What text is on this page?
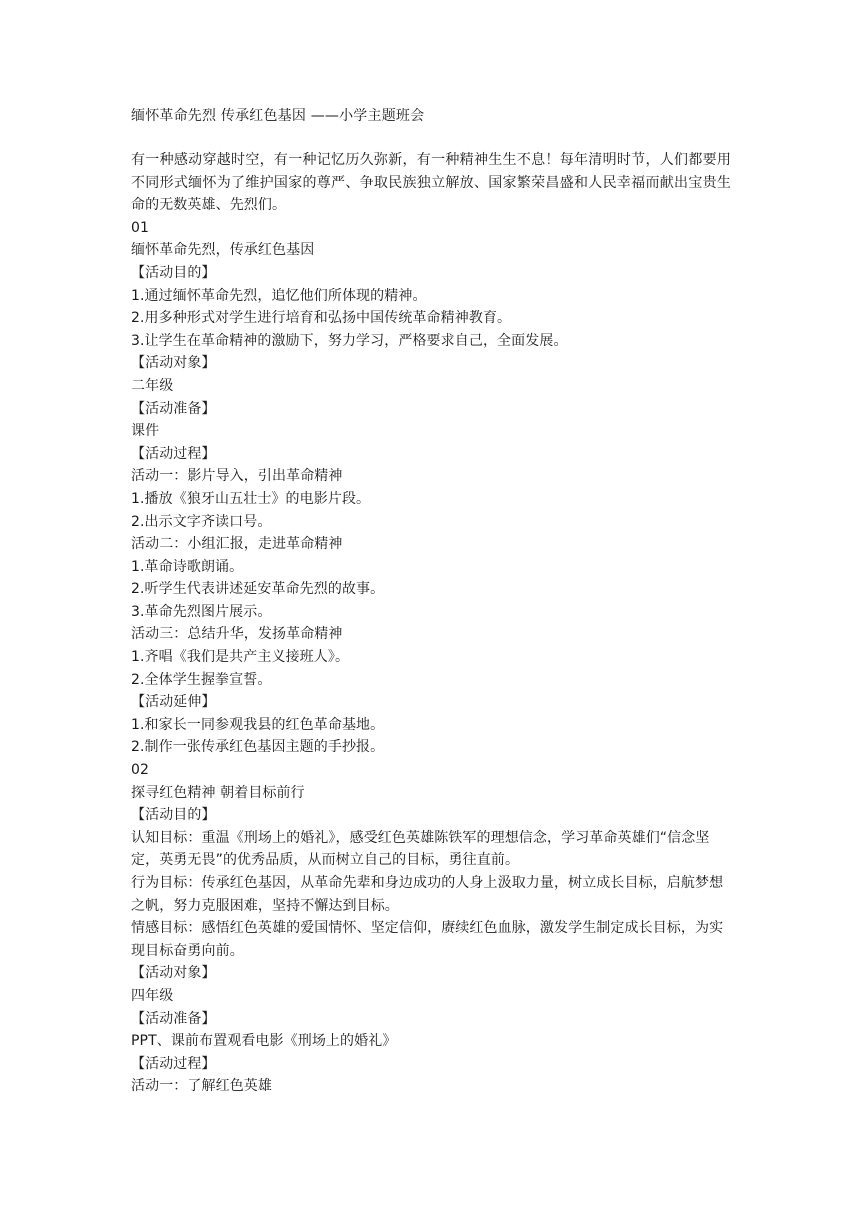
缅怀革命先烈 传承红色基因 ——小学主题班会

有一种感动穿越时空，有一种记忆历久弥新，有一种精神生生不息！每年清明时节，人们都要用不同形式缅怀为了维护国家的尊严、争取民族独立解放、国家繁荣昌盛和人民幸福而献出宝贵生命的无数英雄、先烈们。

01

缅怀革命先烈，传承红色基因

【活动目的】

1.通过缅怀革命先烈，追忆他们所体现的精神。

2.用多种形式对学生进行培育和弘扬中国传统革命精神教育。

3.让学生在革命精神的激励下，努力学习，严格要求自己，全面发展。

【活动对象】

二年级

【活动准备】

课件

【活动过程】

活动一：影片导入，引出革命精神

1.播放《狼牙山五壮士》的电影片段。

2.出示文字齐读口号。

活动二：小组汇报，走进革命精神

1.革命诗歌朗诵。

2.听学生代表讲述延安革命先烈的故事。

3.革命先烈图片展示。

活动三：总结升华，发扬革命精神

1.齐唱《我们是共产主义接班人》。

2.全体学生握拳宣誓。

【活动延伸】

1.和家长一同参观我县的红色革命基地。

2.制作一张传承红色基因主题的手抄报。

02

探寻红色精神 朝着目标前行

【活动目的】

认知目标：重温《刑场上的婚礼》，感受红色英雄陈铁军的理想信念，学习革命英雄们“信念坚定，英勇无畏”的优秀品质，从而树立自己的目标，勇往直前。

行为目标：传承红色基因，从革命先辈和身边成功的人身上汲取力量，树立成长目标，启航梦想之帆，努力克服困难，坚持不懈达到目标。

情感目标：感悟红色英雄的爱国情怀、坚定信仰，赓续红色血脉，激发学生制定成长目标，为实现目标奋勇向前。

【活动对象】

四年级

【活动准备】

PPT、课前布置观看电影《刑场上的婚礼》

【活动过程】

活动一：了解红色英雄
